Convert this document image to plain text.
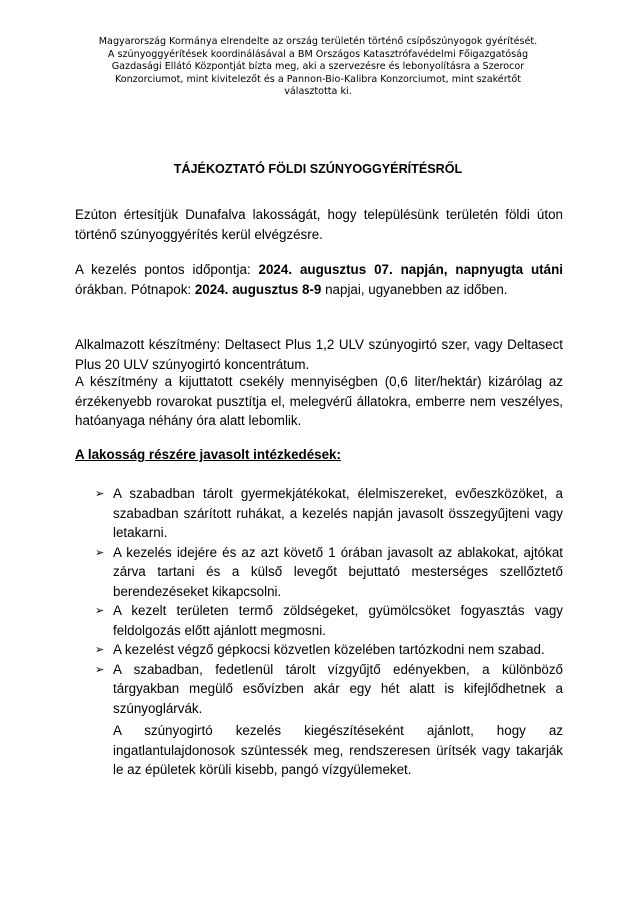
Magyarország Kormánya elrendelte az ország területén történő csípőszúnyogok gyérítését.
A szúnyoggyérítések koordinálásával a BM Országos Katasztrófavédelmi Főigazgatóság
Gazdasági Ellátó Központját bízta meg, aki a szervezésre és lebonyolításra a Szerocor
Konzorciumot, mint kivitelezőt és a Pannon-Bio-Kalibra Konzorciumot, mint szakértőt
választotta ki.
TÁJÉKOZTATÓ FÖLDI SZÚNYOGGYÉRÍTÉSRŐL
Ezúton értesítjük Dunafalva lakosságát, hogy településünk területén földi úton történő szúnyoggyérítés kerül elvégzésre.
A kezelés pontos időpontja: 2024. augusztus 07. napján, napnyugta utáni órákban. Pótnapok: 2024. augusztus 8-9 napjai, ugyanebben az időben.
Alkalmazott készítmény: Deltasect Plus 1,2 ULV szúnyogirtó szer, vagy Deltasect Plus 20 ULV szúnyogirtó koncentrátum.
A készítmény a kijuttatott csekély mennyiségben (0,6 liter/hektár) kizárólag az érzékenyebb rovarokat pusztítja el, melegvérű állatokra, emberre nem veszélyes, hatóanyaga néhány óra alatt lebomlik.
A lakosság részére javasolt intézkedések:
➢ A szabadban tárolt gyermekjátékokat, élelmiszereket, evőeszközöket, a szabadban szárított ruhákat, a kezelés napján javasolt összegyűjteni vagy letakarni.
➢ A kezelés idejére és az azt követő 1 órában javasolt az ablakokat, ajtókat zárva tartani és a külső levegőt bejuttató mesterséges szellőztető berendezéseket kikapcsolni.
➢ A kezelt területen termő zöldségeket, gyümölcsöket fogyasztás vagy feldolgozás előtt ajánlott megmosni.
➢ A kezelést végző gépkocsi közvetlen közelében tartózkodni nem szabad.
➢ A szabadban, fedetlenül tárolt vízgyűjtő edényekben, a különböző tárgyakban megülő esővízben akár egy hét alatt is kifejlődhetnek a szúnyoglárvák.
A szúnyogirtó kezelés kiegészítéseként ajánlott, hogy az ingatlantulajdonosok szüntessék meg, rendszeresen ürítsék vagy takarják le az épületek körüli kisebb, pangó vízgyülemeket.
